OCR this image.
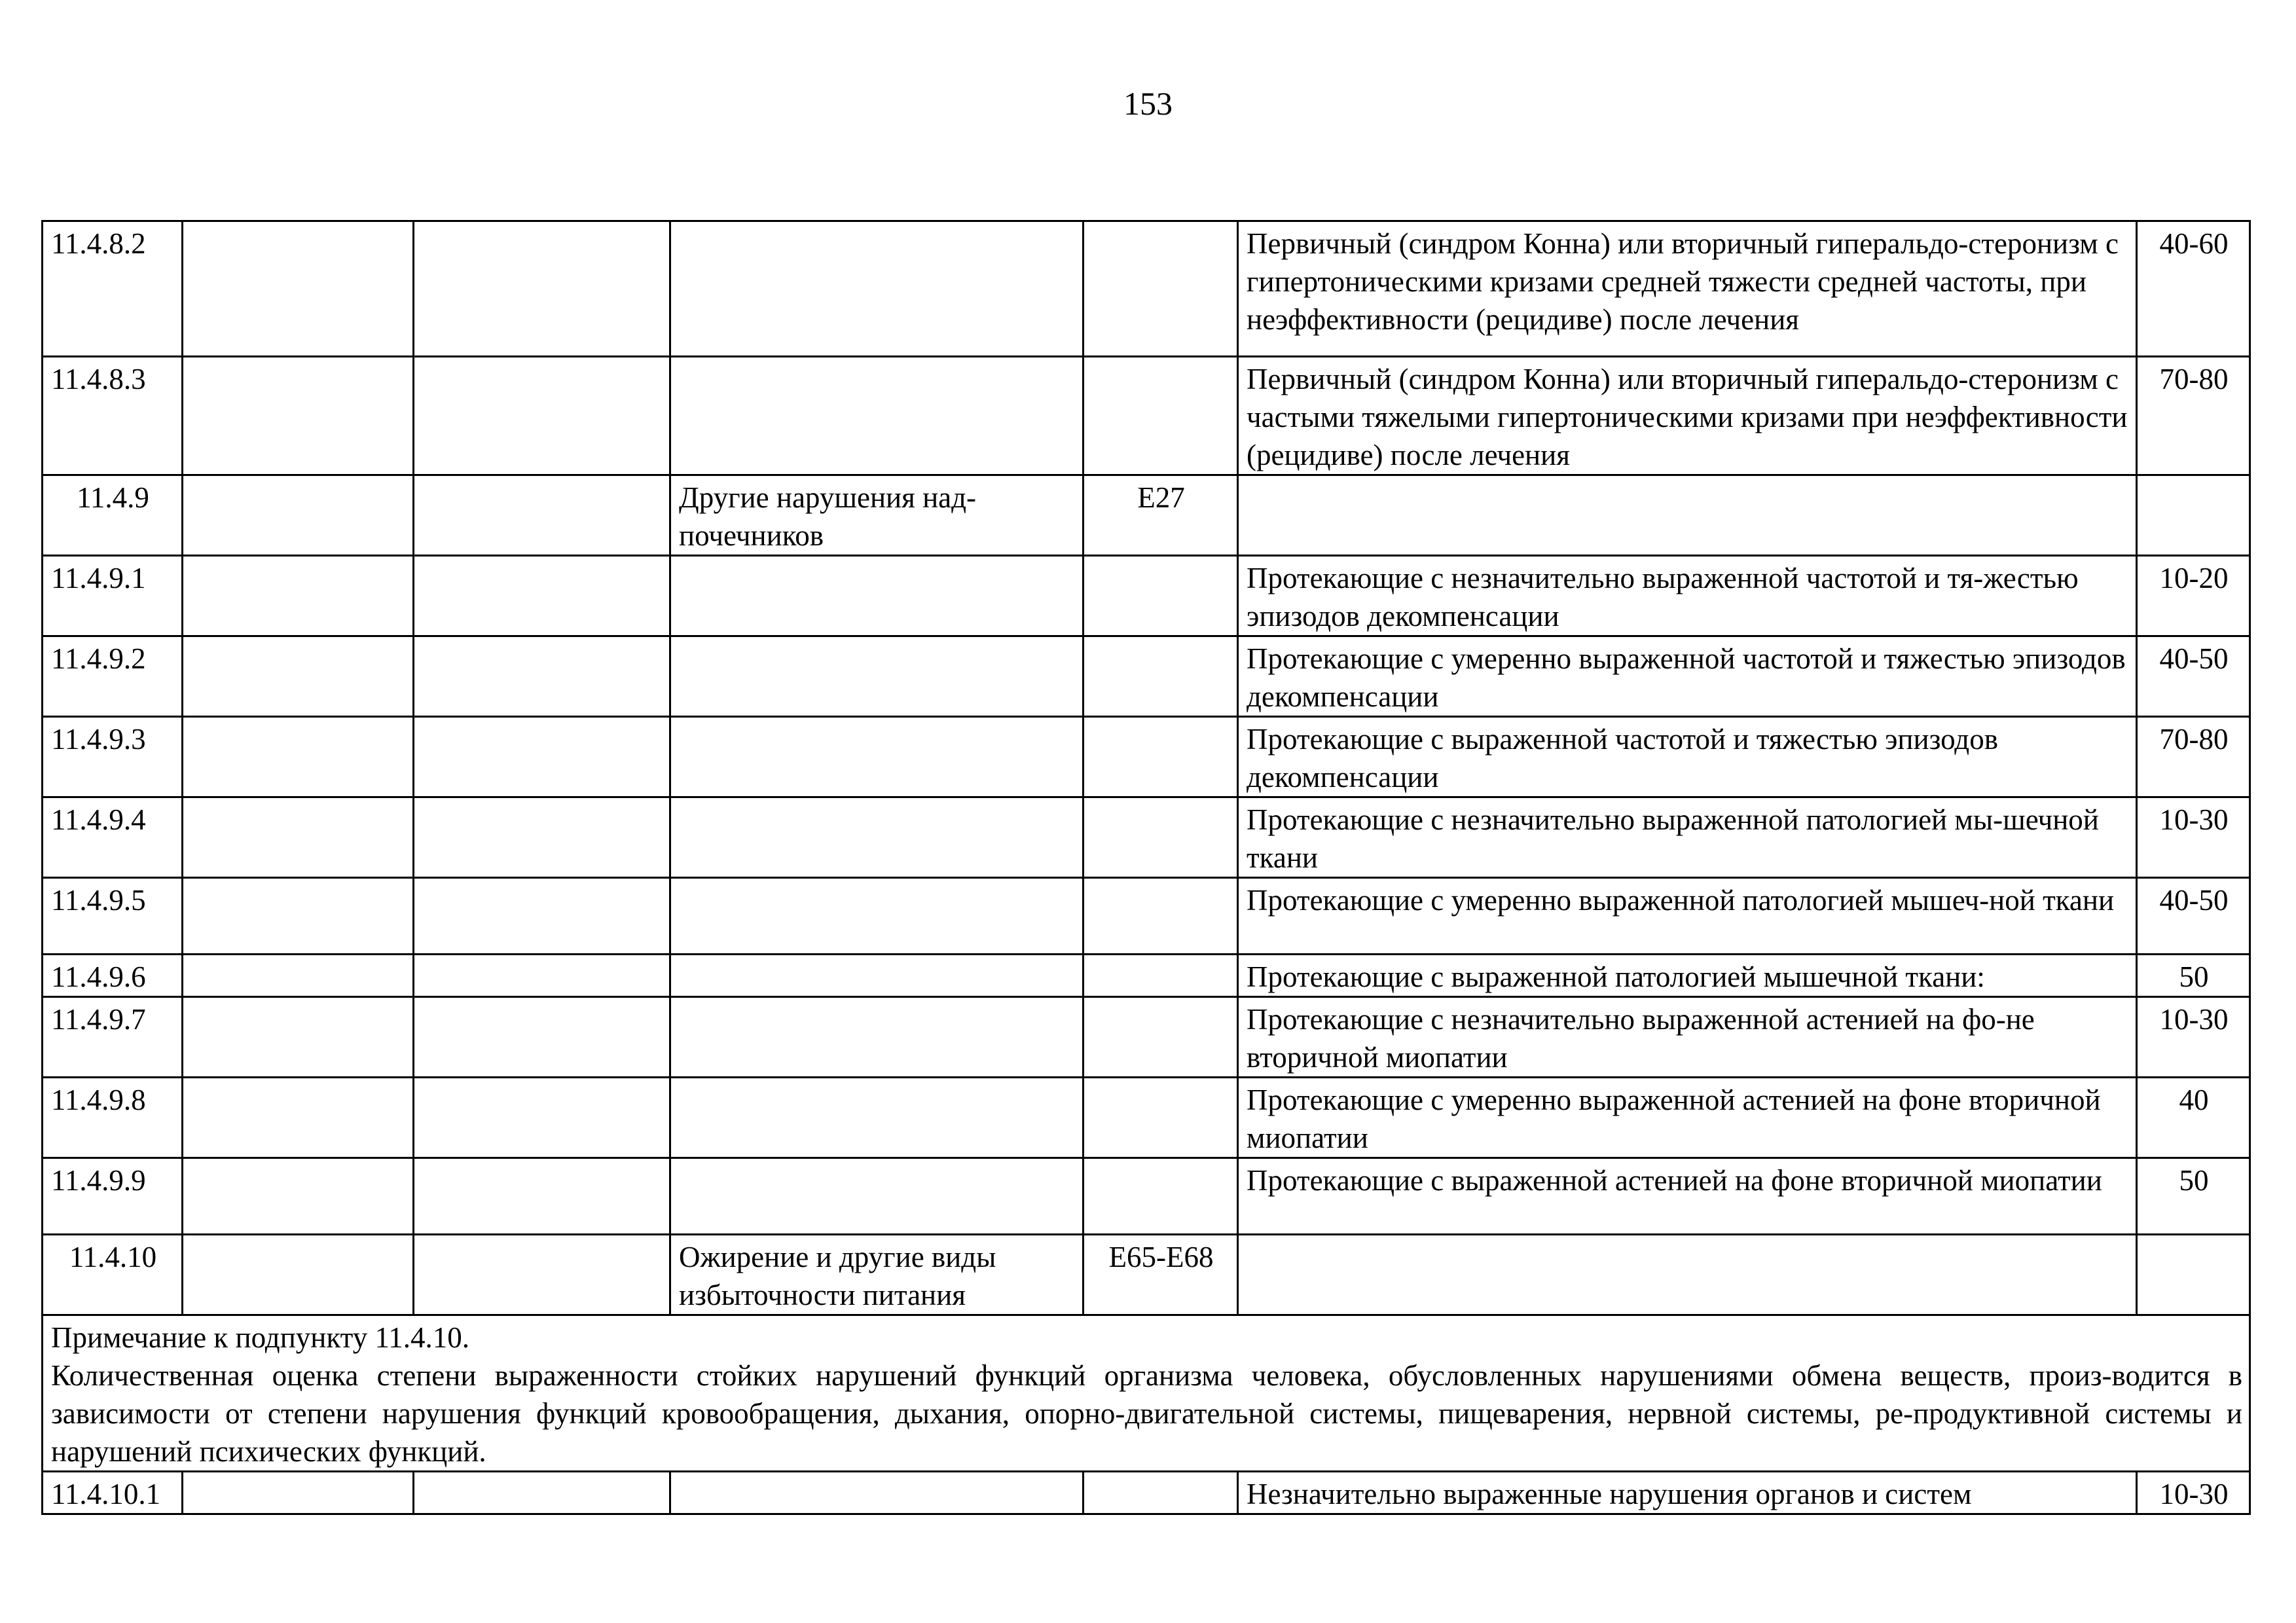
153
11.4.8.2					Первичный (синдром Конна) или вторичный гиперальдо-стеронизм с гипертоническими кризами средней тяжести средней частоты, при неэффективности (рецидиве) после лечения	40-60
11.4.8.3					Первичный (синдром Конна) или вторичный гиперальдо-стеронизм с частыми тяжелыми гипертоническими кризами при неэффективности (рецидиве) после лечения	70-80
11.4.9			Другие нарушения над-почечников	E27		
11.4.9.1					Протекающие с незначительно выраженной частотой и тя-жестью эпизодов декомпенсации	10-20
11.4.9.2					Протекающие с умеренно выраженной частотой и тяжестью эпизодов декомпенсации	40-50
11.4.9.3					Протекающие с выраженной частотой и тяжестью эпизодов декомпенсации	70-80
11.4.9.4					Протекающие с незначительно выраженной патологией мы-шечной ткани	10-30
11.4.9.5					Протекающие с умеренно выраженной патологией мышеч-ной ткани	40-50
11.4.9.6					Протекающие с выраженной патологией мышечной ткани:	50
11.4.9.7					Протекающие с незначительно выраженной астенией на фо-не вторичной миопатии	10-30
11.4.9.8					Протекающие с умеренно выраженной астенией на фоне вторичной миопатии	40
11.4.9.9					Протекающие с выраженной астенией на фоне вторичной миопатии	50
11.4.10			Ожирение и другие виды избыточности питания	E65-E68		

Примечание к подпункту 11.4.10.
Количественная оценка степени выраженности стойких нарушений функций организма человека, обусловленных нарушениями обмена веществ, произ-водится в зависимости от степени нарушения функций кровообращения, дыхания, опорно-двигательной системы, пищеварения, нервной системы, ре-продуктивной системы и нарушений психических функций.						

11.4.10.1					Незначительно выраженные нарушения органов и систем	10-30
